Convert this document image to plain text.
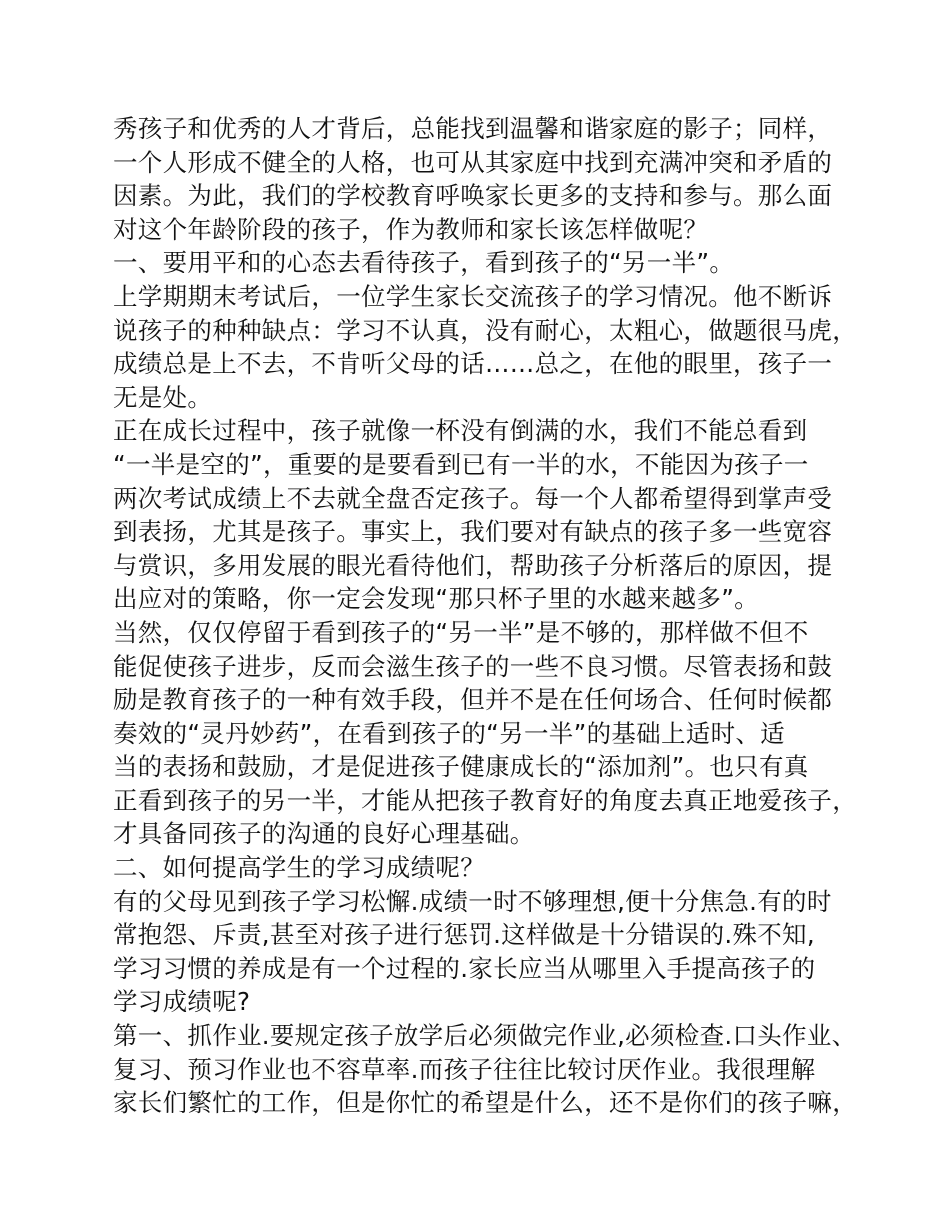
秀孩子和优秀的人才背后，总能找到温馨和谐家庭的影子；同样，
一个人形成不健全的人格，也可从其家庭中找到充满冲突和矛盾的
因素。为此，我们的学校教育呼唤家长更多的支持和参与。那么面
对这个年龄阶段的孩子，作为教师和家长该怎样做呢？
一、要用平和的心态去看待孩子，看到孩子的“另一半”。
上学期期末考试后，一位学生家长交流孩子的学习情况。他不断诉
说孩子的种种缺点：学习不认真，没有耐心，太粗心，做题很马虎，
成绩总是上不去，不肯听父母的话……总之，在他的眼里，孩子一
无是处。
正在成长过程中，孩子就像一杯没有倒满的水，我们不能总看到
“一半是空的”，重要的是要看到已有一半的水，不能因为孩子一
两次考试成绩上不去就全盘否定孩子。每一个人都希望得到掌声受
到表扬，尤其是孩子。事实上，我们要对有缺点的孩子多一些宽容
与赏识，多用发展的眼光看待他们，帮助孩子分析落后的原因，提
出应对的策略，你一定会发现“那只杯子里的水越来越多”。
当然，仅仅停留于看到孩子的“另一半”是不够的，那样做不但不
能促使孩子进步，反而会滋生孩子的一些不良习惯。尽管表扬和鼓
励是教育孩子的一种有效手段，但并不是在任何场合、任何时候都
奏效的“灵丹妙药”，在看到孩子的“另一半”的基础上适时、适
当的表扬和鼓励，才是促进孩子健康成长的“添加剂”。也只有真
正看到孩子的另一半，才能从把孩子教育好的角度去真正地爱孩子，
才具备同孩子的沟通的良好心理基础。
二、如何提高学生的学习成绩呢？
有的父母见到孩子学习松懈.成绩一时不够理想,便十分焦急.有的时
常抱怨、斥责,甚至对孩子进行惩罚.这样做是十分错误的.殊不知,
学习习惯的养成是有一个过程的.家长应当从哪里入手提高孩子的
学习成绩呢?
第一、抓作业.要规定孩子放学后必须做完作业,必须检查.口头作业、
复习、预习作业也不容草率.而孩子往往比较讨厌作业。我很理解
家长们繁忙的工作，但是你忙的希望是什么，还不是你们的孩子嘛，
